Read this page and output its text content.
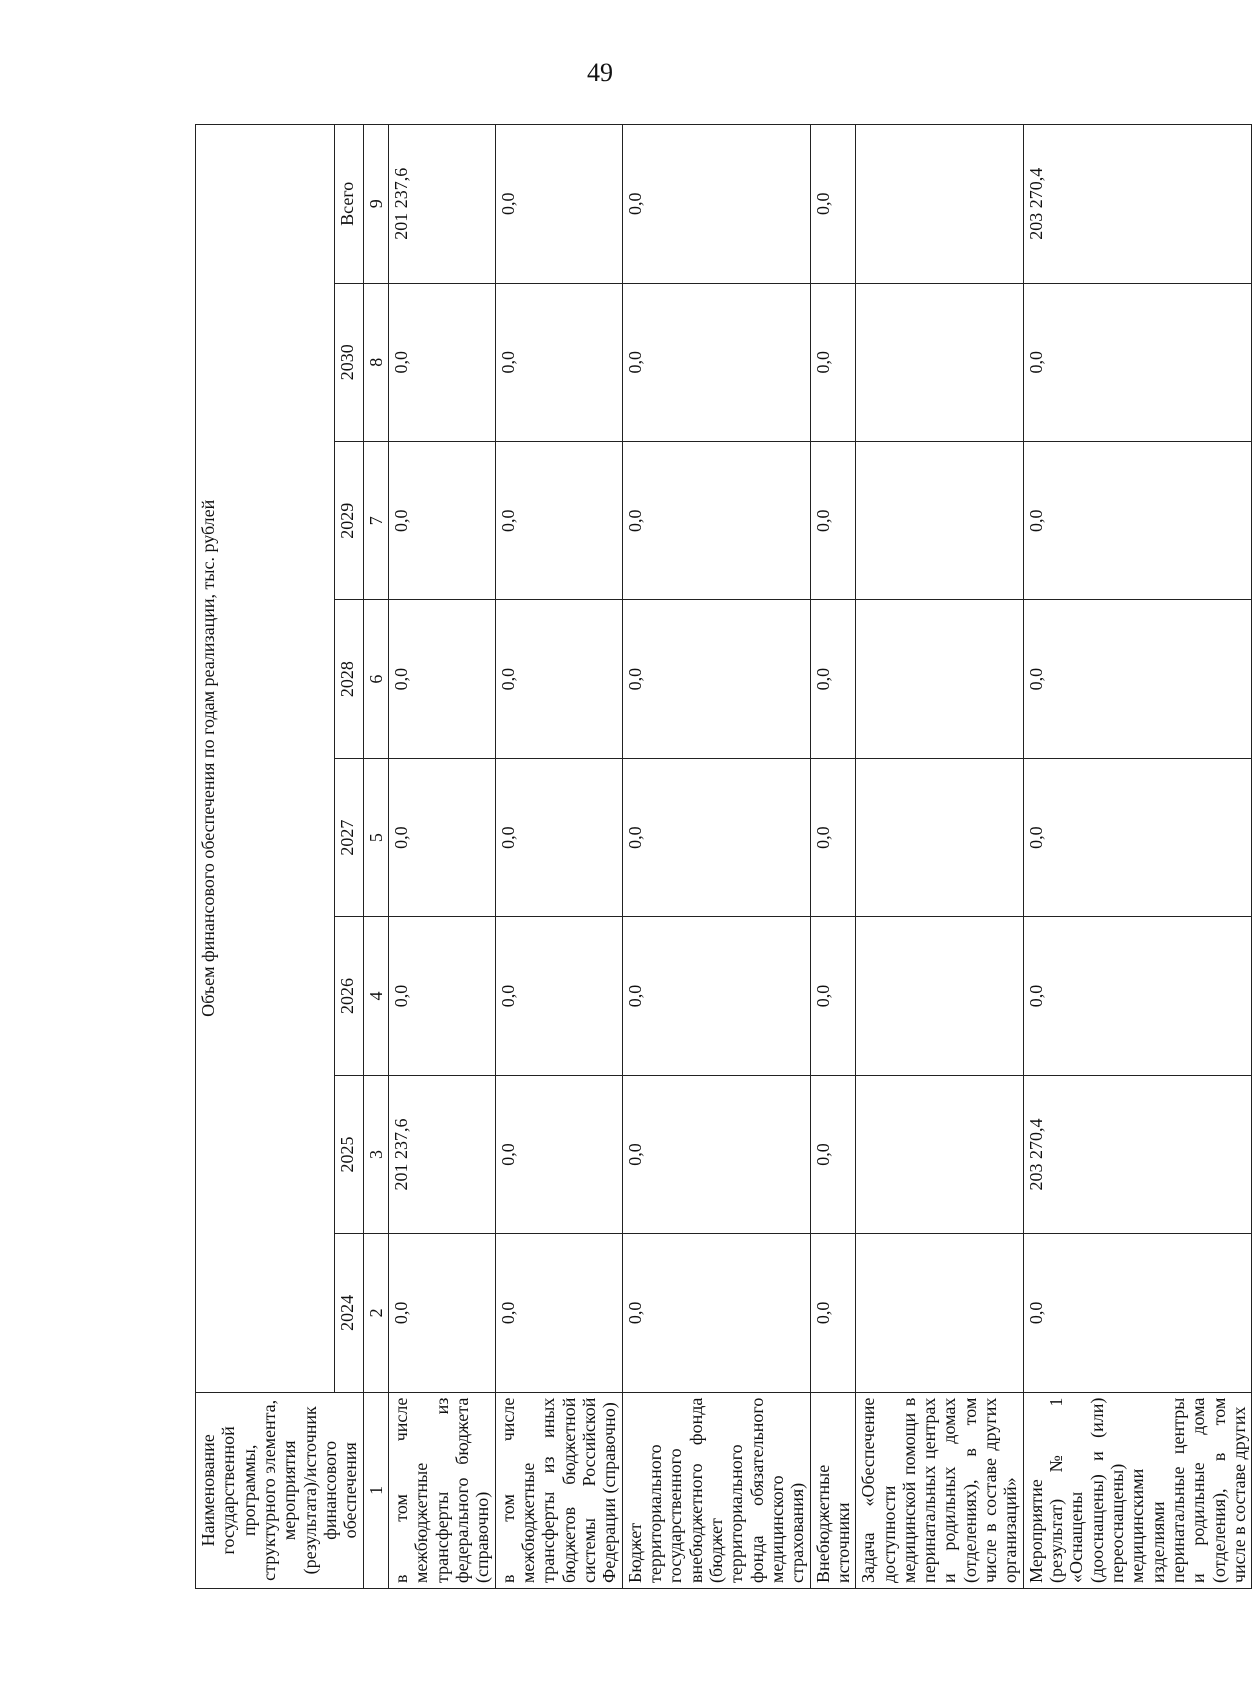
49
Наименование государственной программы, структурного элемента, мероприятия (результата)/источник финансового обеспечения	Объем финансового обеспечения по годам реализации, тыс. рублей							
	2024	2025	2026	2027	2028	2029	2030	Всего
1	2	3	4	5	6	7	8	9
в том числе межбюджетные трансферты из федерального бюджета (справочно)	0,0	201 237,6	0,0	0,0	0,0	0,0	0,0	201 237,6
в том числе межбюджетные трансферты из иных бюджетов бюджетной системы Российской Федерации (справочно)	0,0	0,0	0,0	0,0	0,0	0,0	0,0	0,0
Бюджет территориального государственного внебюджетного фонда (бюджет территориального фонда обязательного медицинского страхования)	0,0	0,0	0,0	0,0	0,0	0,0	0,0	0,0
Внебюджетные источники	0,0	0,0	0,0	0,0	0,0	0,0	0,0	0,0
Задача «Обеспечение доступности медицинской помощи в перинатальных центрах и родильных домах (отделениях), в том числе в составе других организаций»								
Мероприятие (результат) № 1 «Оснащены (дооснащены) и (или) переоснащены) медицинскими изделиями перинатальные центры и родильные дома (отделения), в том числе в составе других	0,0	203 270,4	0,0	0,0	0,0	0,0	0,0	203 270,4
